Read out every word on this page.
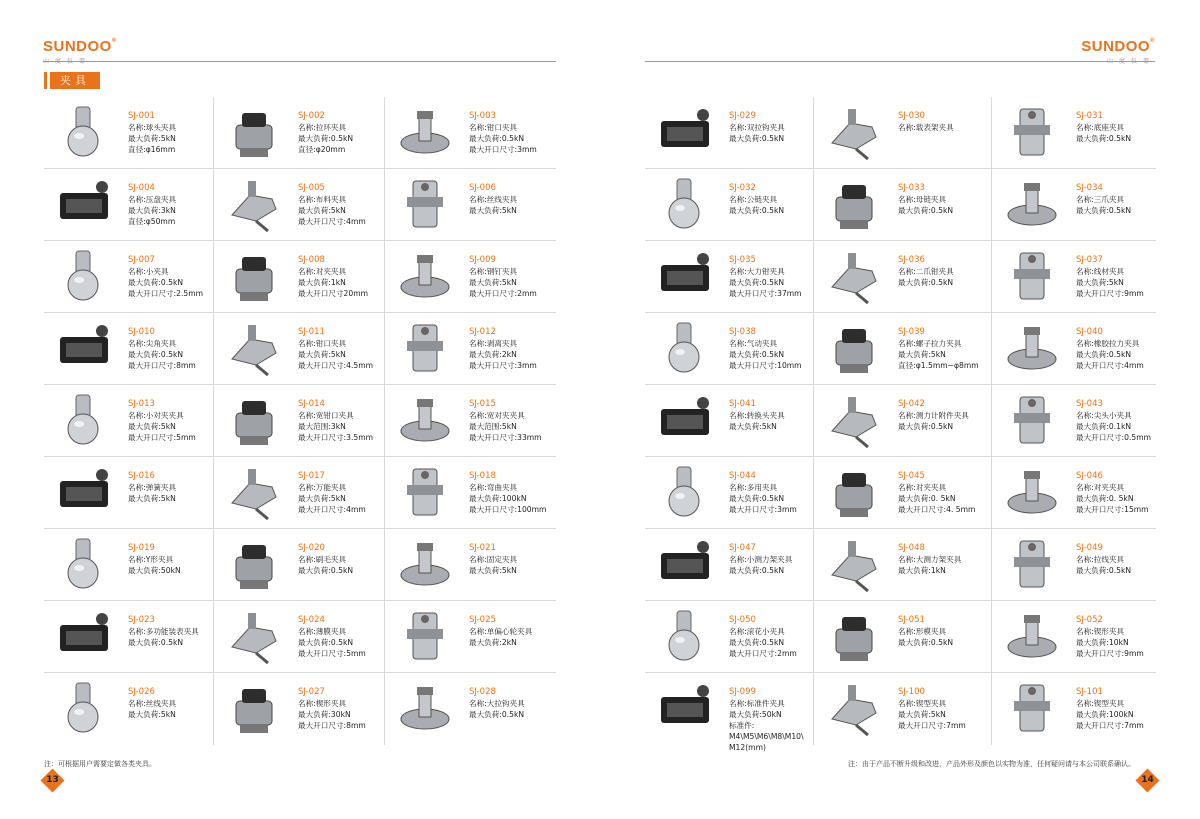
SUNDOO®
夹具
SJ-001
名称:球头夹具
最大负荷:5kN
直径:φ16mm
SJ-002
名称:拉环夹具
最大负荷:0.5kN
直径:φ20mm
SJ-003
名称:钳口夹具
最大负荷:0.5kN
最大开口尺寸:3mm
SJ-004
名称:压盘夹具
最大负荷:3kN
直径:φ50mm
SJ-005
名称:布料夹具
最大负荷:5kN
最大开口尺寸:4mm
SJ-006
名称:丝线夹具
最大负荷:5kN
SJ-007
名称:小夹具
最大负荷:0.5kN
最大开口尺寸:2.5mm
SJ-008
名称:对夹夹具
最大负荷:1kN
最大开口尺寸20mm
SJ-009
名称:钢钉夹具
最大负荷:5kN
最大开口尺寸:2mm
SJ-010
名称:尖角夹具
最大负荷:0.5kN
最大开口尺寸:8mm
SJ-011
名称:钳口夹具
最大负荷:5kN
最大开口尺寸:4.5mm
SJ-012
名称:剥离夹具
最大负荷:2kN
最大开口尺寸:3mm
SJ-013
名称:小对夹夹具
最大负荷:5kN
最大开口尺寸:5mm
SJ-014
名称:宽钳口夹具
最大范围:3kN
最大开口尺寸:3.5mm
SJ-015
名称:宽对夹夹具
最大范围:5kN
最大开口尺寸:33mm
SJ-016
名称:弹簧夹具
最大负荷:5kN
SJ-017
名称:万能夹具
最大负荷:5kN
最大开口尺寸:4mm
SJ-018
名称:弯曲夹具
最大负荷:100kN
最大开口尺寸:100mm
SJ-019
名称:Y形夹具
最大负荷:50kN
SJ-020
名称:刷毛夹具
最大负荷:0.5kN
SJ-021
名称:固定夹具
最大负荷:5kN
SJ-023
名称:多功能装表夹具
最大负荷:0.5kN
SJ-024
名称:薄膜夹具
最大负荷:0.5kN
最大开口尺寸:5mm
SJ-025
名称:单偏心轮夹具
最大负荷:2kN
SJ-026
名称:丝线夹具
最大负荷:5kN
SJ-027
名称:楔形夹具
最大负荷:30kN
最大开口尺寸:8mm
SJ-028
名称:大拉钩夹具
最大负荷:0.5kN
注：可根据用户需要定做各类夹具。
13
SUNDOO®
SJ-029
名称:双拉钩夹具
最大负荷:0.5kN
SJ-030
名称:载表架夹具
SJ-031
名称:底座夹具
最大负荷:0.5kN
SJ-032
名称:公链夹具
最大负荷:0.5kN
SJ-033
名称:母链夹具
最大负荷:0.5kN
SJ-034
名称:三爪夹具
最大负荷:0.5kN
SJ-035
名称:大力钳夹具
最大负荷:0.5kN
最大开口尺寸:37mm
SJ-036
名称:二爪钳夹具
最大负荷:0.5kN
SJ-037
名称:线材夹具
最大负荷:5kN
最大开口尺寸:9mm
SJ-038
名称:气动夹具
最大负荷:0.5kN
最大开口尺寸:10mm
SJ-039
名称:螺子拉力夹具
最大负荷:5kN
直径:φ1.5mm~φ8mm
SJ-040
名称:橡胶拉力夹具
最大负荷:0.5kN
最大开口尺寸:4mm
SJ-041
名称:转换头夹具
最大负荷:5kN
SJ-042
名称:测力计附件夹具
最大负荷:0.5kN
SJ-043
名称:尖头小夹具
最大负荷:0.1kN
最大开口尺寸:0.5mm
SJ-044
名称:多用夹具
最大负荷:0.5kN
最大开口尺寸:3mm
SJ-045
名称:对夹夹具
最大负荷:0. 5kN
最大开口尺寸:4. 5mm
SJ-046
名称:对夹夹具
最大负荷:0. 5kN
最大开口尺寸:15mm
SJ-047
名称:小测力架夹具
最大负荷:0.5kN
SJ-048
名称:大测力架夹具
最大负荷:1kN
SJ-049
名称:拉线夹具
最大负荷:0.5kN
SJ-050
名称:滚花小夹具
最大负荷:0.5kN
最大开口尺寸:2mm
SJ-051
名称:形模夹具
最大负荷:0.5kN
SJ-052
名称:锲形夹具
最大负荷:10kN
最大开口尺寸:9mm
SJ-099
名称:标准件夹具
最大负荷:50kN
标准件:
M4\M5\M6\M8\M10\
M12(mm)
SJ-100
名称:锲型夹具
最大负荷:5kN
最大开口尺寸:7mm
SJ-101
名称:锲型夹具
最大负荷:100kN
最大开口尺寸:7mm
注：由于产品不断升级和改进，产品外形及颜色以实物为准，任何疑问请与本公司联系确认。
14
